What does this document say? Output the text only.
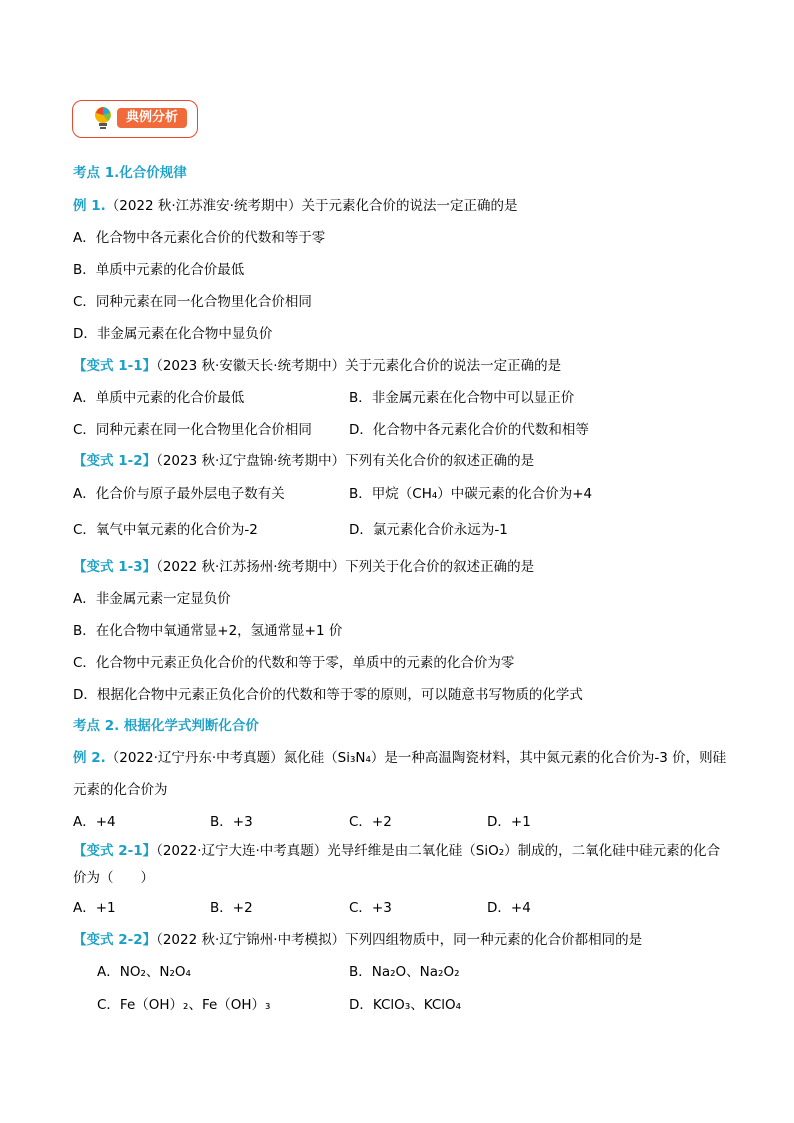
典例分析
考点 1.化合价规律
例 1.（2022 秋·江苏淮安·统考期中）关于元素化合价的说法一定正确的是
A．化合物中各元素化合价的代数和等于零
B．单质中元素的化合价最低
C．同种元素在同一化合物里化合价相同
D．非金属元素在化合物中显负价
【变式 1-1】（2023 秋·安徽天长·统考期中）关于元素化合价的说法一定正确的是
A．单质中元素的化合价最低	B．非金属元素在化合物中可以显正价
C．同种元素在同一化合物里化合价相同	D．化合物中各元素化合价的代数和相等
【变式 1-2】（2023 秋·辽宁盘锦·统考期中）下列有关化合价的叙述正确的是
A．化合价与原子最外层电子数有关	B．甲烷（CH₄）中碳元素的化合价为+4
C．氧气中氧元素的化合价为-2	D．氯元素化合价永远为-1
【变式 1-3】（2022 秋·江苏扬州·统考期中）下列关于化合价的叙述正确的是
A．非金属元素一定显负价
B．在化合物中氧通常显+2，氢通常显+1 价
C．化合物中元素正负化合价的代数和等于零，单质中的元素的化合价为零
D．根据化合物中元素正负化合价的代数和等于零的原则，可以随意书写物质的化学式
考点 2. 根据化学式判断化合价
例 2.（2022·辽宁丹东·中考真题）氮化硅（Si₃N₄）是一种高温陶瓷材料，其中氮元素的化合价为-3 价，则硅
元素的化合价为
A．+4	B．+3	C．+2	D．+1
【变式 2-1】（2022·辽宁大连·中考真题）光导纤维是由二氧化硅（SiO₂）制成的，二氧化硅中硅元素的化合
价为（　　）
A．+1	B．+2	C．+3	D．+4
【变式 2-2】（2022 秋·辽宁锦州·中考模拟）下列四组物质中，同一种元素的化合价都相同的是
A．NO₂、N₂O₄	B．Na₂O、Na₂O₂
C．Fe（OH）₂、Fe（OH）₃	D．KClO₃、KClO₄
